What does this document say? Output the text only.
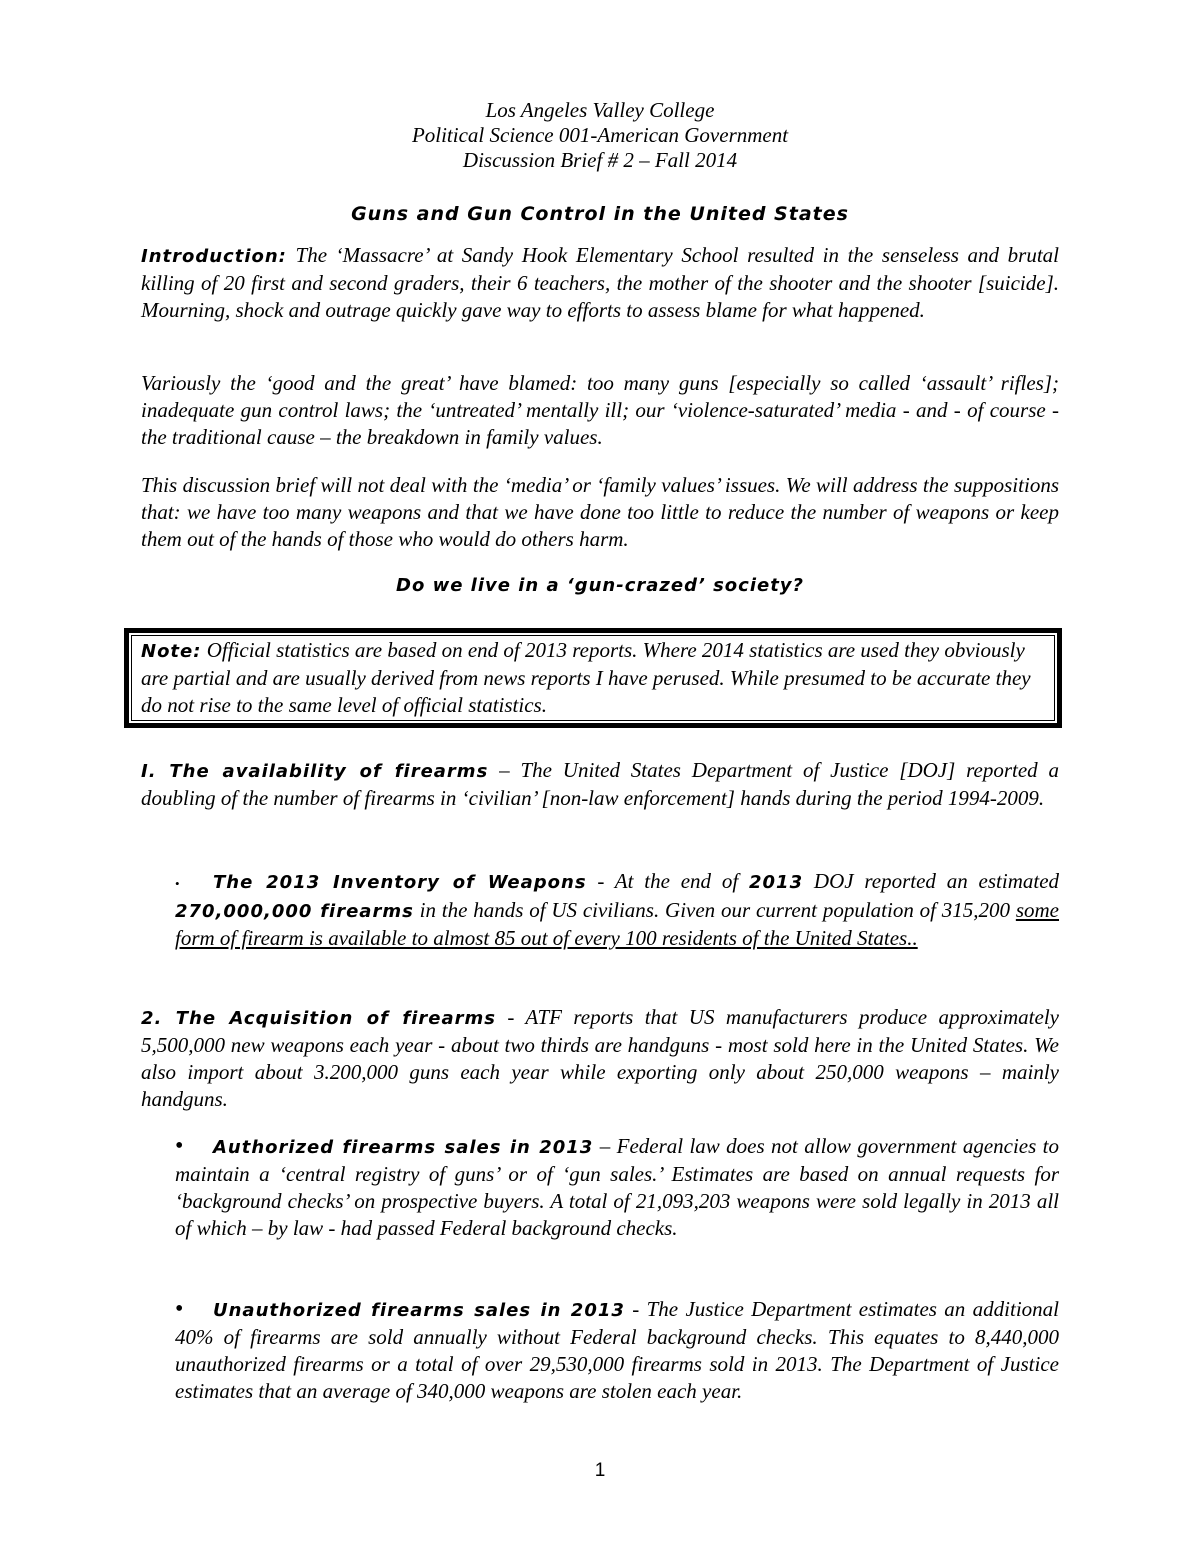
Los Angeles Valley College
Political Science 001-American Government
Discussion Brief # 2 – Fall 2014
Guns and Gun Control in the United States

Introduction: The ‘Massacre’ at Sandy Hook Elementary School resulted in the senseless and brutal killing of 20 first and second graders, their 6 teachers, the mother of the shooter and the shooter [suicide]. Mourning, shock and outrage quickly gave way to efforts to assess blame for what happened.

Variously the ‘good and the great’ have blamed: too many guns [especially so called ‘assault’ rifles]; inadequate gun control laws; the ‘untreated’ mentally ill; our ‘violence-saturated’ media - and - of course - the traditional cause – the breakdown in family values.

This discussion brief will not deal with the ‘media’ or ‘family values’ issues. We will address the suppositions that: we have too many weapons and that we have done too little to reduce the number of weapons or keep them out of the hands of those who would do others harm.

Do we live in a ‘gun-crazed’ society?

Note: Official statistics are based on end of 2013 reports. Where 2014 statistics are used they obviously are partial and are usually derived from news reports I have perused. While presumed to be accurate they do not rise to the same level of official statistics.

I. The availability of firearms – The United States Department of Justice [DOJ] reported a doubling of the number of firearms in ‘civilian’ [non-law enforcement] hands during the period 1994-2009.

• The 2013 Inventory of Weapons - At the end of 2013 DOJ reported an estimated 270,000,000 firearms in the hands of US civilians. Given our current population of 315,200 some form of firearm is available to almost 85 out of every 100 residents of the United States..

2. The Acquisition of firearms - ATF reports that US manufacturers produce approximately 5,500,000 new weapons each year - about two thirds are handguns - most sold here in the United States. We also import about 3.200,000 guns each year while exporting only about 250,000 weapons – mainly handguns.

• Authorized firearms sales in 2013 – Federal law does not allow government agencies to maintain a ‘central registry of guns’ or of ‘gun sales.’ Estimates are based on annual requests for ‘background checks’ on prospective buyers. A total of 21,093,203 weapons were sold legally in 2013 all of which – by law - had passed Federal background checks.

• Unauthorized firearms sales in 2013 - The Justice Department estimates an additional 40% of firearms are sold annually without Federal background checks. This equates to 8,440,000 unauthorized firearms or a total of over 29,530,000 firearms sold in 2013. The Department of Justice estimates that an average of 340,000 weapons are stolen each year.

1
